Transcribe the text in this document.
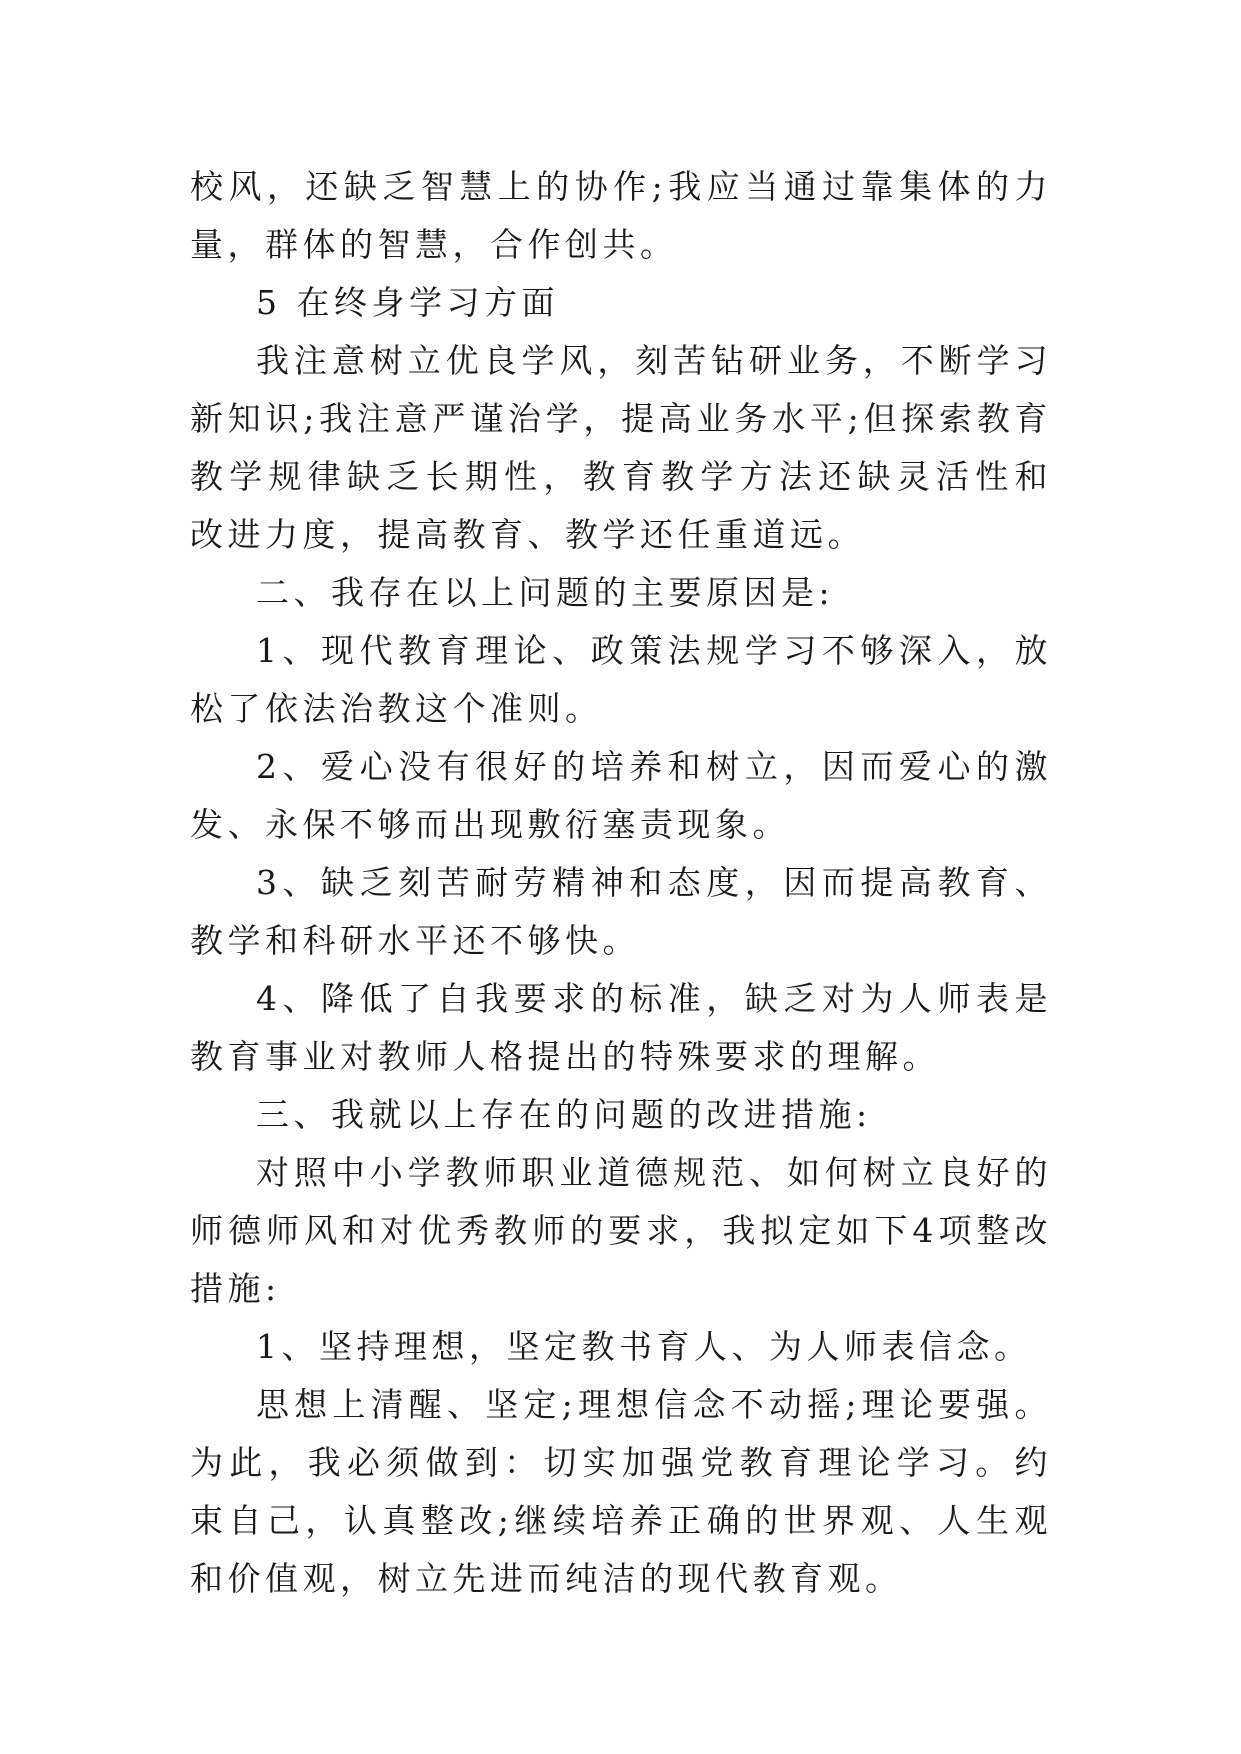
校风，还缺乏智慧上的协作;我应当通过靠集体的力量，群体的智慧，合作创共。

5 在终身学习方面

我注意树立优良学风，刻苦钻研业务，不断学习新知识;我注意严谨治学，提高业务水平;但探索教育教学规律缺乏长期性，教育教学方法还缺灵活性和改进力度，提高教育、教学还任重道远。

二、我存在以上问题的主要原因是:

1、现代教育理论、政策法规学习不够深入，放松了依法治教这个准则。

2、爱心没有很好的培养和树立，因而爱心的激发、永保不够而出现敷衍塞责现象。

3、缺乏刻苦耐劳精神和态度，因而提高教育、教学和科研水平还不够快。

4、降低了自我要求的标准，缺乏对为人师表是教育事业对教师人格提出的特殊要求的理解。

三、我就以上存在的问题的改进措施:

对照中小学教师职业道德规范、如何树立良好的师德师风和对优秀教师的要求，我拟定如下4项整改措施:

1、坚持理想，坚定教书育人、为人师表信念。

思想上清醒、坚定;理想信念不动摇;理论要强。为此，我必须做到：切实加强党教育理论学习。约束自己，认真整改;继续培养正确的世界观、人生观和价值观，树立先进而纯洁的现代教育观。
